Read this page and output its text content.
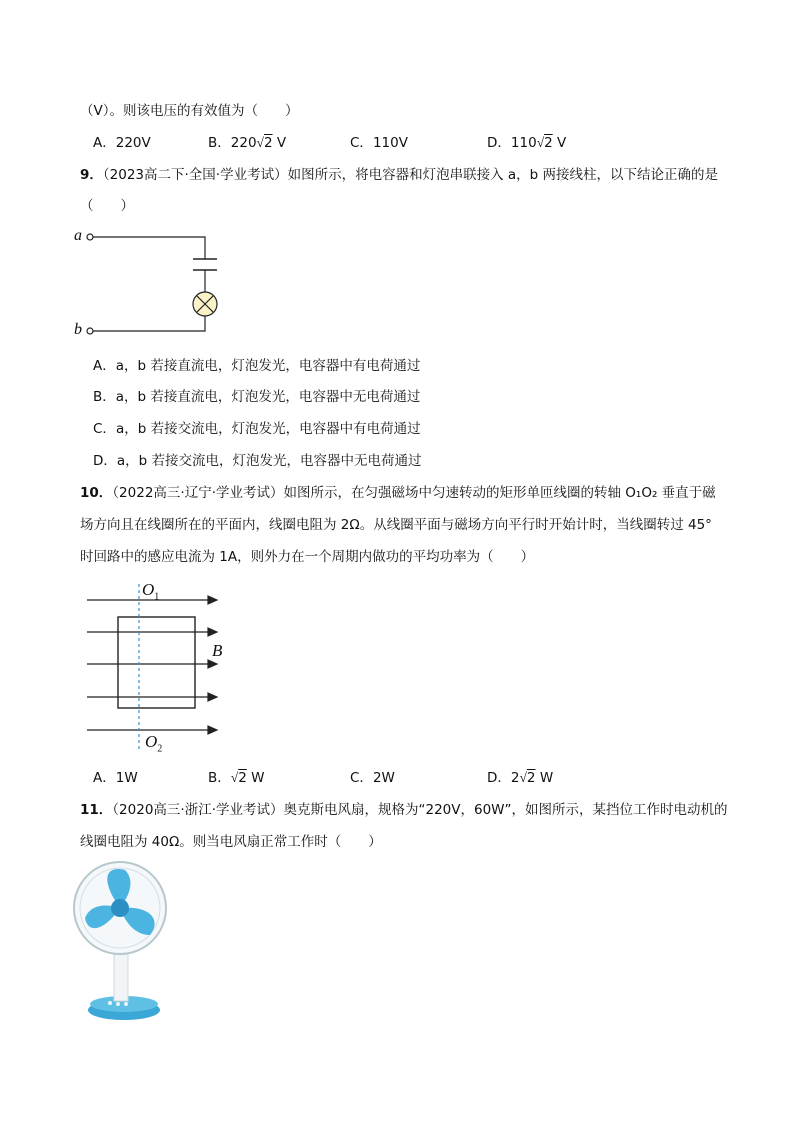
（V）。则该电压的有效值为（　　）
A．220V	B．220√2 V	C．110V	D．110√2 V
9．（2023高二下·全国·学业考试）如图所示，将电容器和灯泡串联接入 a，b 两接线柱，以下结论正确的是
（　　）
a
b
A．a，b 若接直流电，灯泡发光，电容器中有电荷通过
B．a，b 若接直流电，灯泡发光，电容器中无电荷通过
C．a，b 若接交流电，灯泡发光，电容器中有电荷通过
D．a，b 若接交流电，灯泡发光，电容器中无电荷通过
10．（2022高三·辽宁·学业考试）如图所示，在匀强磁场中匀速转动的矩形单匝线圈的转轴 O₁O₂ 垂直于磁
场方向且在线圈所在的平面内，线圈电阻为 2Ω。从线圈平面与磁场方向平行时开始计时，当线圈转过 45°
时回路中的感应电流为 1A，则外力在一个周期内做功的平均功率为（　　）
$O_1$
$O_2$
B
A．1W	B．√2 W	C．2W	D．2√2 W
11．（2020高三·浙江·学业考试）奥克斯电风扇，规格为“220V，60W”，如图所示，某挡位工作时电动机的
线圈电阻为 40Ω。则当电风扇正常工作时（　　）
